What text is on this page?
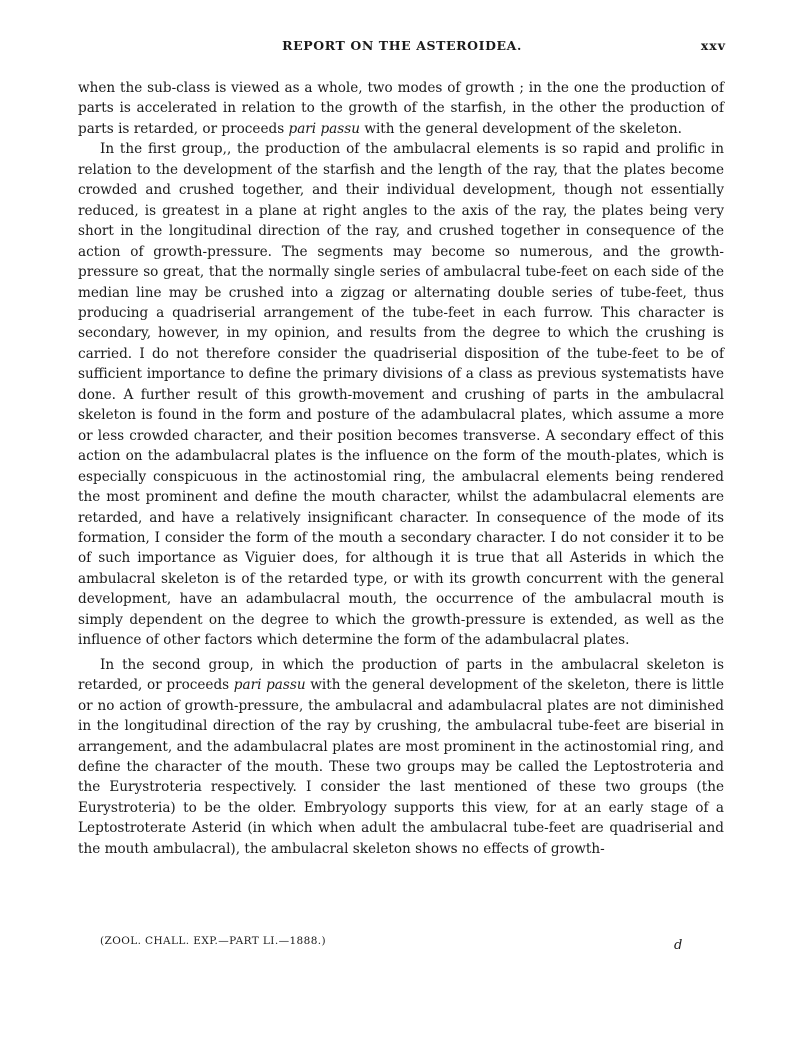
REPORT ON THE ASTEROIDEA.	xxv

when the sub-class is viewed as a whole, two modes of growth ; in the one the production of parts is accelerated in relation to the growth of the starfish, in the other the production of parts is retarded, or proceeds pari passu with the general development of the skeleton.

In the first group,‚ the production of the ambulacral elements is so rapid and prolific in relation to the development of the starfish and the length of the ray, that the plates become crowded and crushed together, and their individual development, though not essentially reduced, is greatest in a plane at right angles to the axis of the ray, the plates being very short in the longitudinal direction of the ray, and crushed together in consequence of the action of growth-pressure. The segments may become so numerous, and the growth-pressure so great, that the normally single series of ambulacral tube-feet on each side of the median line may be crushed into a zigzag or alternating double series of tube-feet, thus producing a quadriserial arrangement of the tube-feet in each furrow. This character is secondary, however, in my opinion, and results from the degree to which the crushing is carried. I do not therefore consider the quadriserial disposition of the tube-feet to be of sufficient importance to define the primary divisions of a class as previous systematists have done. A further result of this growth-movement and crushing of parts in the ambulacral skeleton is found in the form and posture of the adambulacral plates, which assume a more or less crowded character, and their position becomes transverse. A secondary effect of this action on the adambulacral plates is the influence on the form of the mouth-plates, which is especially conspicuous in the actinostomial ring, the ambulacral elements being rendered the most prominent and define the mouth character, whilst the adambulacral elements are retarded, and have a relatively insignificant character. In consequence of the mode of its formation, I consider the form of the mouth a secondary character. I do not consider it to be of such importance as Viguier does, for although it is true that all Asterids in which the ambulacral skeleton is of the retarded type, or with its growth concurrent with the general development, have an adambulacral mouth, the occurrence of the ambulacral mouth is simply dependent on the degree to which the growth-pressure is extended, as well as the influence of other factors which determine the form of the adambulacral plates.

In the second group, in which the production of parts in the ambulacral skeleton is retarded, or proceeds pari passu with the general development of the skeleton, there is little or no action of growth-pressure, the ambulacral and adambulacral plates are not diminished in the longitudinal direction of the ray by crushing, the ambulacral tube-feet are biserial in arrangement, and the adambulacral plates are most prominent in the actinostomial ring, and define the character of the mouth. These two groups may be called the Leptostroteria and the Eurystroteria respectively. I consider the last mentioned of these two groups (the Eurystroteria) to be the older. Embryology supports this view, for at an early stage of a Leptostroterate Asterid (in which when adult the ambulacral tube-feet are quadriserial and the mouth ambulacral), the ambulacral skeleton shows no effects of growth-

(ZOOL. CHALL. EXP.—PART LI.—1888.)	d
